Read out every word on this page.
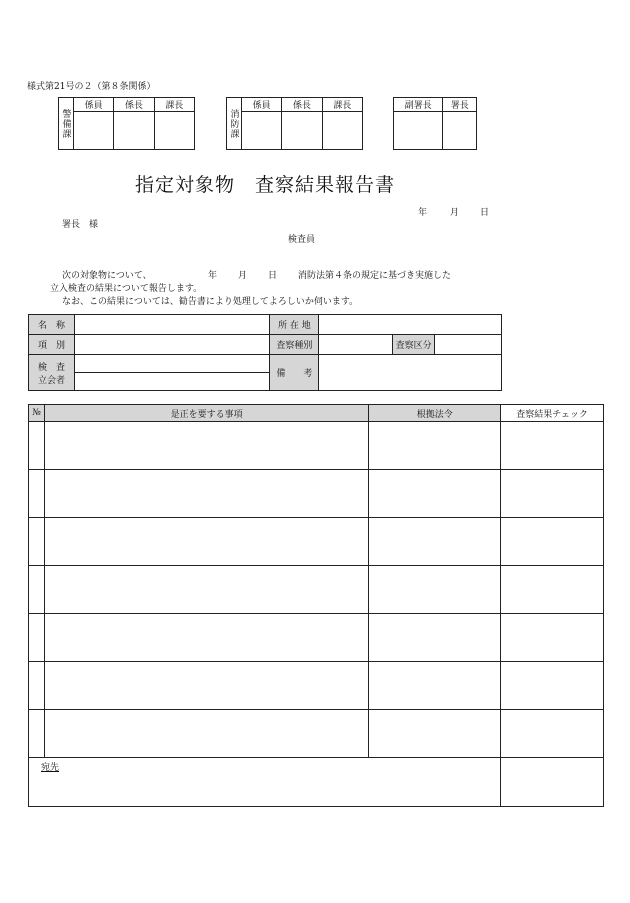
様式第21号の２（第８条関係）
警備課	係員	係長	課長

消防課	係員	係長	課長
			副署長	署長

指定対象物　査察結果報告書
年	月 日
署長　様
検査員
次の対象物について、	年 月 日 消防法第４条の規定に基づき実施した
立入検査の結果について報告します。
なお、この結果については、勧告書により処理してよろしいか伺います。
名　称		所 在 地			
項　別		査察種別		査察区分	

検　査
立会者		備　　考			

№	是正を要する事項	根拠法令	査察結果チェック

宛先			
